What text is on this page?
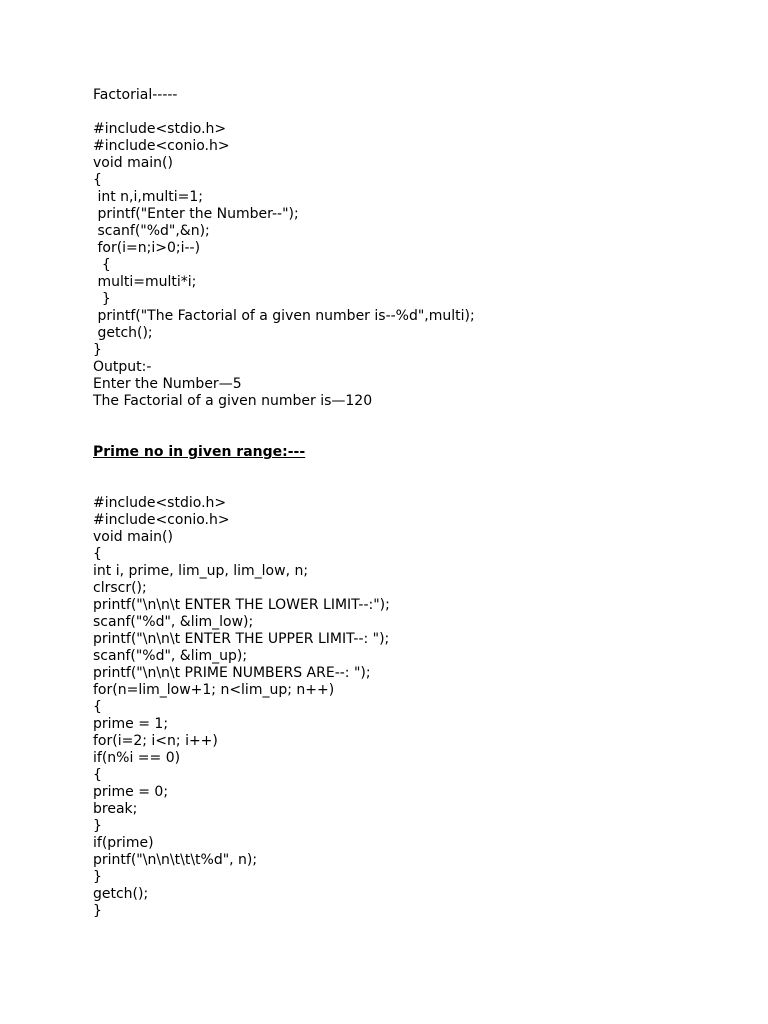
Factorial-----
#include<stdio.h>
#include<conio.h>
void main()
{
int n,i,multi=1;
printf("Enter the Number--");
scanf("%d",&n);
for(i=n;i>0;i--)
{
multi=multi*i;
}
printf("The Factorial of a given number is--%d",multi);
getch();
}
Output:-
Enter the Number—5
The Factorial of a given number is—120
Prime no in given range:---
#include<stdio.h>
#include<conio.h>
void main()
{
int i, prime, lim_up, lim_low, n;
clrscr();
printf("\n\n\t ENTER THE LOWER LIMIT--:");
scanf("%d", &lim_low);
printf("\n\n\t ENTER THE UPPER LIMIT--: ");
scanf("%d", &lim_up);
printf("\n\n\t PRIME NUMBERS ARE--: ");
for(n=lim_low+1; n<lim_up; n++)
{
prime = 1;
for(i=2; i<n; i++)
if(n%i == 0)
{
prime = 0;
break;
}
if(prime)
printf("\n\n\t\t\t%d", n);
}
getch();
}
